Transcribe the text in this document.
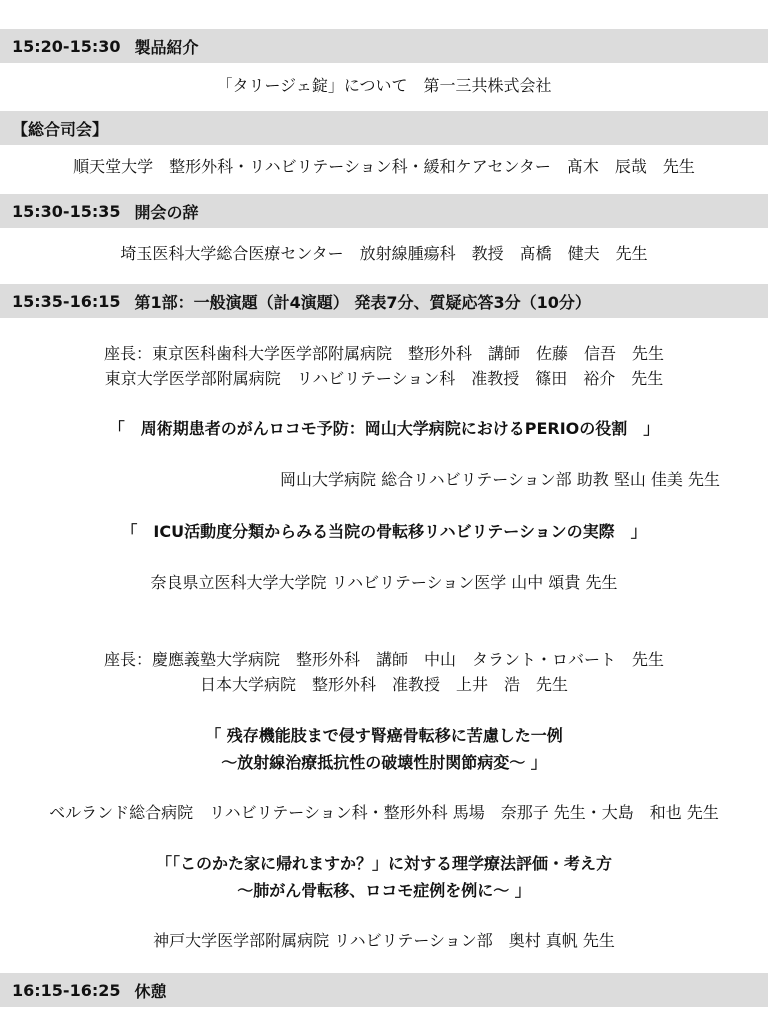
15:20-15:30 製品紹介
「タリージェ錠」について　第一三共株式会社
【総合司会】
順天堂大学　整形外科・リハビリテーション科・緩和ケアセンター　髙木　辰哉　先生
15:30-15:35 開会の辞
埼玉医科大学総合医療センター　放射線腫瘍科　教授　髙橋　健夫　先生
15:35-16:15 第1部：一般演題（計4演題） 発表7分、質疑応答3分（10分）
座長：東京医科歯科大学医学部附属病院　整形外科　講師　佐藤　信吾　先生
東京大学医学部附属病院　リハビリテーション科　准教授　篠田　裕介　先生
「　周術期患者のがんロコモ予防：岡山大学病院におけるPERIOの役割　」
岡山大学病院 総合リハビリテーション部 助教 堅山 佳美 先生
「　ICU活動度分類からみる当院の骨転移リハビリテーションの実際　」
奈良県立医科大学大学院 リハビリテーション医学 山中 頌貴 先生
座長：慶應義塾大学病院　整形外科　講師　中山　タラント・ロバート　先生
日本大学病院　整形外科　准教授　上井　浩　先生
「 残存機能肢まで侵す腎癌骨転移に苦慮した一例
～放射線治療抵抗性の破壊性肘関節病変～ 」
ベルランド総合病院　リハビリテーション科・整形外科 馬場　奈那子 先生・大島　和也 先生
「「このかた家に帰れますか？」に対する理学療法評価・考え方
～肺がん骨転移、ロコモ症例を例に～ 」
神戸大学医学部附属病院 リハビリテーション部　奥村 真帆 先生
16:15-16:25 休憩
